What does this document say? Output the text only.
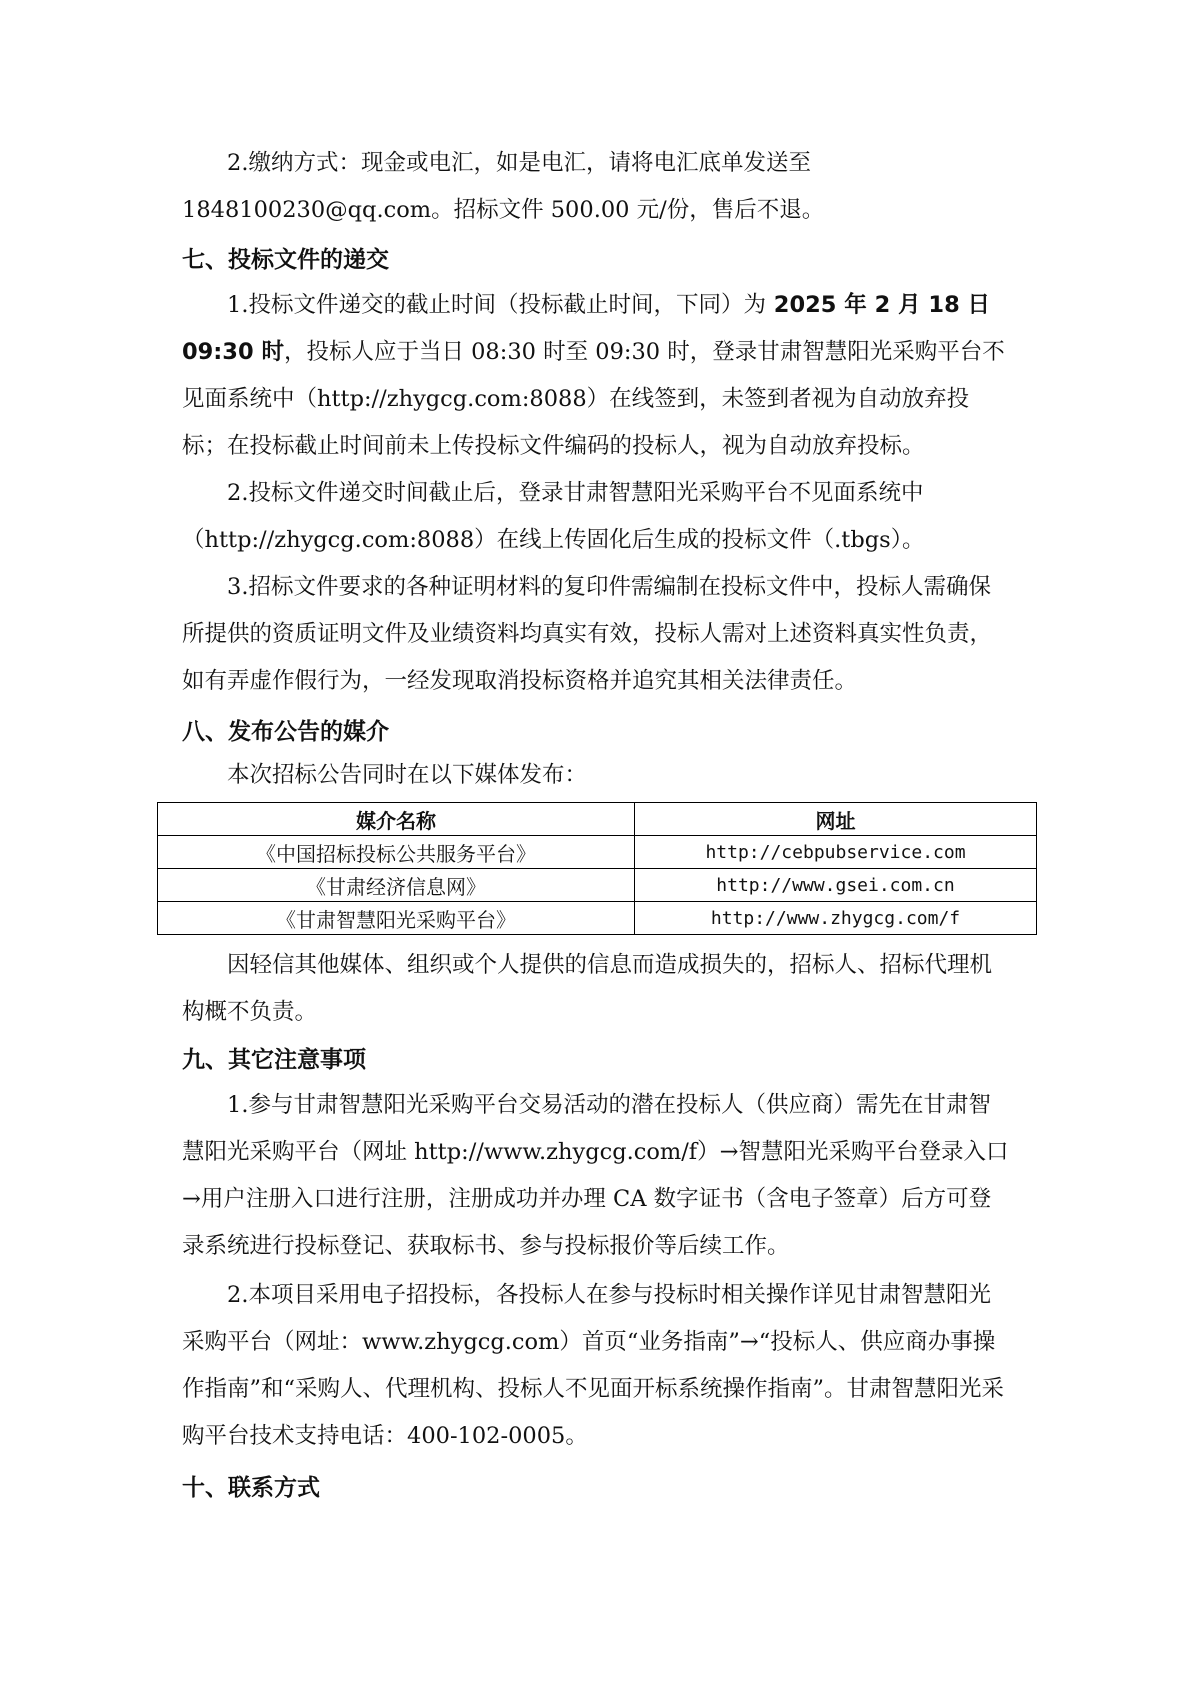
2.缴纳方式：现金或电汇，如是电汇，请将电汇底单发送至

1848100230@qq.com。招标文件 500.00 元/份，售后不退。

七、投标文件的递交

1.投标文件递交的截止时间（投标截止时间，下同）为 2025 年 2 月 18 日
09:30 时，投标人应于当日 08:30 时至 09:30 时，登录甘肃智慧阳光采购平台不见面系统中（http://zhygcg.com:8088）在线签到，未签到者视为自动放弃投标；在投标截止时间前未上传投标文件编码的投标人，视为自动放弃投标。

2.投标文件递交时间截止后，登录甘肃智慧阳光采购平台不见面系统中（http://zhygcg.com:8088）在线上传固化后生成的投标文件（.tbgs）。

3.招标文件要求的各种证明材料的复印件需编制在投标文件中，投标人需确保所提供的资质证明文件及业绩资料均真实有效，投标人需对上述资料真实性负责，如有弄虚作假行为，一经发现取消投标资格并追究其相关法律责任。

八、发布公告的媒介

本次招标公告同时在以下媒体发布：

媒介名称	网址
《中国招标投标公共服务平台》	http://cebpubservice.com
《甘肃经济信息网》	http://www.gsei.com.cn
《甘肃智慧阳光采购平台》	http://www.zhygcg.com/f

因轻信其他媒体、组织或个人提供的信息而造成损失的，招标人、招标代理机构概不负责。

九、其它注意事项

1.参与甘肃智慧阳光采购平台交易活动的潜在投标人（供应商）需先在甘肃智慧阳光采购平台（网址 http://www.zhygcg.com/f）→智慧阳光采购平台登录入口→用户注册入口进行注册，注册成功并办理 CA 数字证书（含电子签章）后方可登录系统进行投标登记、获取标书、参与投标报价等后续工作。

2.本项目采用电子招投标，各投标人在参与投标时相关操作详见甘肃智慧阳光采购平台（网址：www.zhygcg.com）首页“业务指南”→“投标人、供应商办事操作指南”和“采购人、代理机构、投标人不见面开标系统操作指南”。甘肃智慧阳光采购平台技术支持电话：400-102-0005。

十、联系方式
